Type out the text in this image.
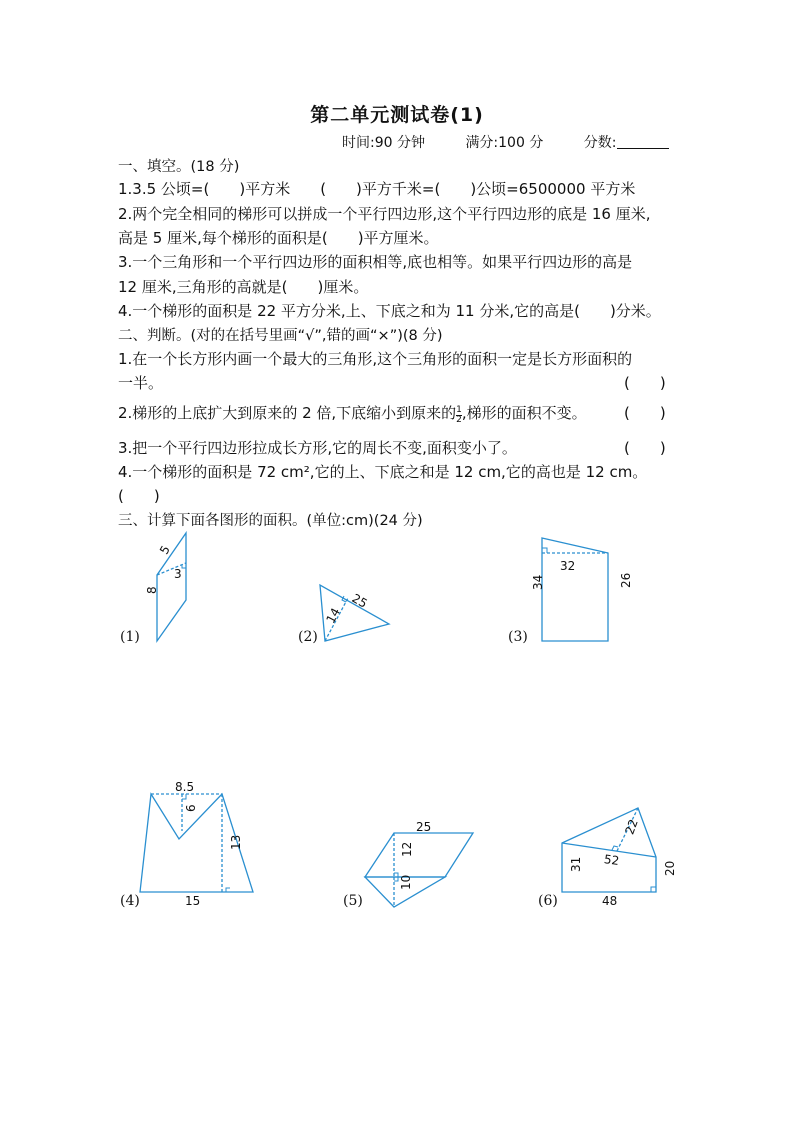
第二单元测试卷(1)
时间:90 分钟	满分:100 分	分数:
一、填空。(18 分)
1.3.5 公顷=(　　)平方米　　(　　)平方千米=(　　)公顷=6500000 平方米
2.两个完全相同的梯形可以拼成一个平行四边形,这个平行四边形的底是 16 厘米,
高是 5 厘米,每个梯形的面积是(　　)平方厘米。
3.一个三角形和一个平行四边形的面积相等,底也相等。如果平行四边形的高是
12 厘米,三角形的高就是(　　)厘米。
4.一个梯形的面积是 22 平方分米,上、下底之和为 11 分米,它的高是(　　)分米。
二、判断。(对的在括号里画“√”,错的画“×”)(8 分)
1.在一个长方形内画一个最大的三角形,这个三角形的面积一定是长方形面积的
一半。	(　　)
2.梯形的上底扩大到原来的 2 倍,下底缩小到原来的 $\frac{1}{2}$,梯形的面积不变。 (　　)
3.把一个平行四边形拉成长方形,它的周长不变,面积变小了。	(　　)
4.一个梯形的面积是 72 cm²,它的上、下底之和是 12 cm,它的高也是 12 cm。
(　　)
三、计算下面各图形的面积。(单位:cm)(24 分)
5
3
8
(1)
25
14
(2)
32
34	26
(3)
8.5
6
13
15
(4)
25
12
10
(5)
22
52
31	20
48
(6)
